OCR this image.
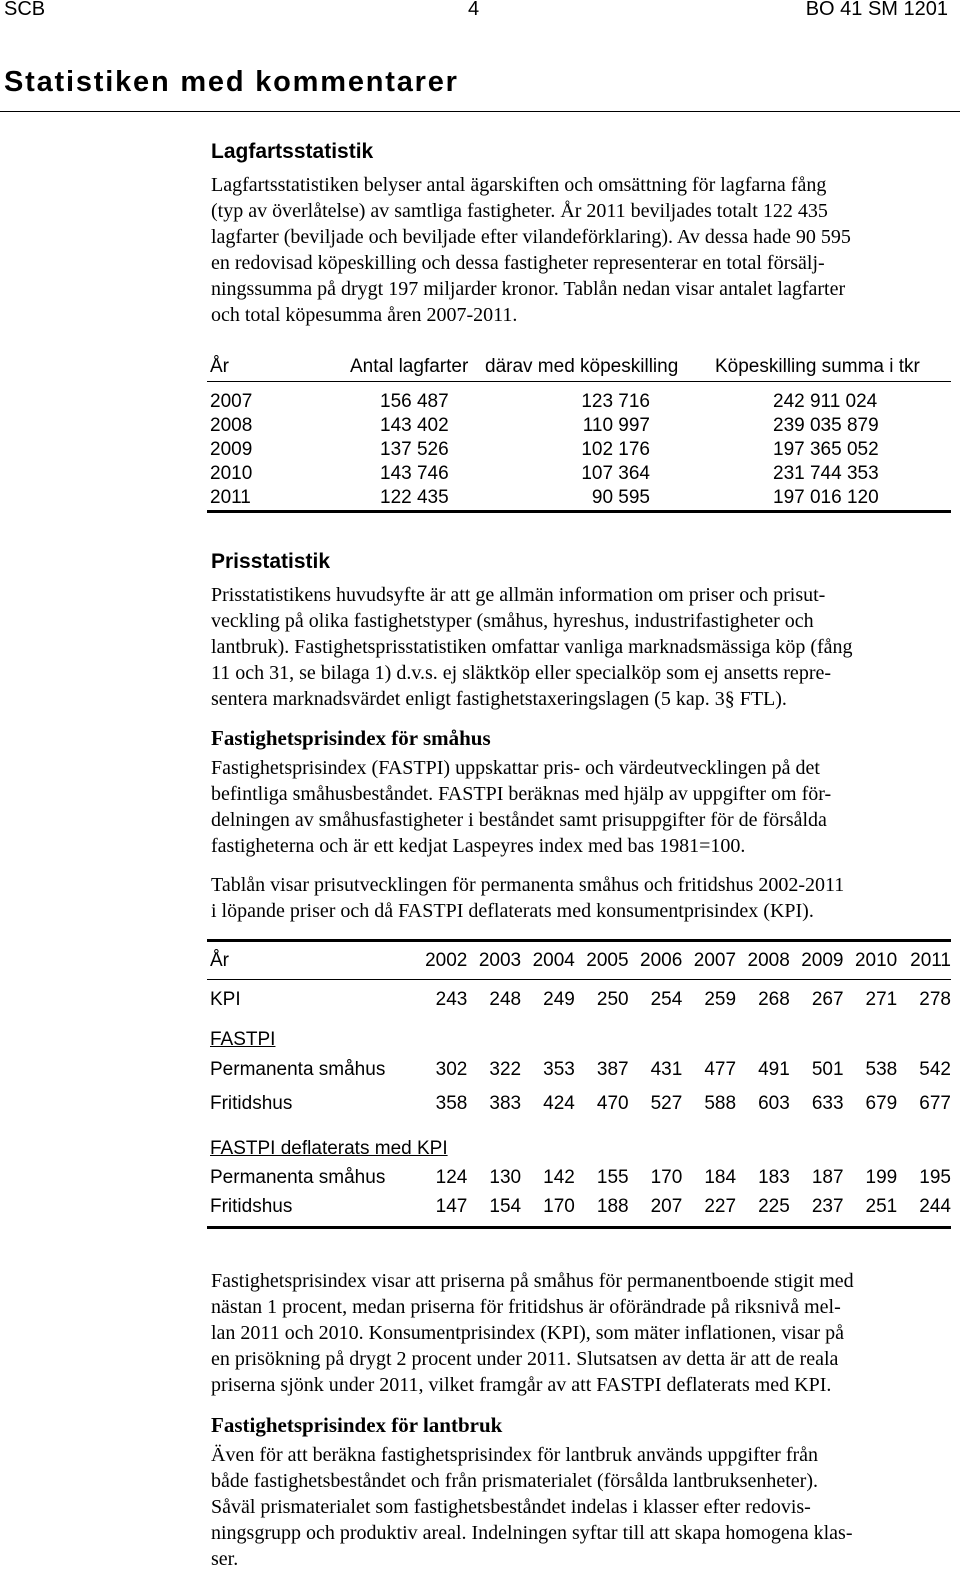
SCB	4	BO 41 SM 1201
Statistiken med kommentarer
Lagfartsstatistik

Lagfartsstatistiken belyser antal ägarskiften och omsättning för lagfarna fång
(typ av överlåtelse) av samtliga fastigheter. År 2011 beviljades totalt 122 435
lagfarter (beviljade och beviljade efter vilandeförklaring). Av dessa hade 90 595
en redovisad köpeskilling och dessa fastigheter representerar en total försälj-
ningssumma på drygt 197 miljarder kronor. Tablån nedan visar antalet lagfarter
och total köpesumma åren 2007-2011.

År	Antal lagfarter	därav med köpeskilling	Köpeskilling summa i tkr

2007	156 487	123 716	242 911 024
2008	143 402	110 997	239 035 879
2009	137 526	102 176	197 365 052
2010	143 746	107 364	231 744 353
2011	122 435	90 595	197 016 120
Prisstatistik

Prisstatistikens huvudsyfte är att ge allmän information om priser och prisut-
veckling på olika fastighetstyper (småhus, hyreshus, industrifastigheter och
lantbruk). Fastighetsprisstatistiken omfattar vanliga marknadsmässiga köp (fång
11 och 31, se bilaga 1) d.v.s. ej släktköp eller specialköp som ej ansetts repre-
sentera marknadsvärdet enligt fastighetstaxeringslagen (5 kap. 3§ FTL).

Fastighetsprisindex för småhus

Fastighetsprisindex (FASTPI) uppskattar pris- och värdeutvecklingen på det
befintliga småhusbeståndet. FASTPI beräknas med hjälp av uppgifter om för-
delningen av småhusfastigheter i beståndet samt prisuppgifter för de försålda
fastigheterna och är ett kedjat Laspeyres index med bas 1981=100.

Tablån visar prisutvecklingen för permanenta småhus och fritidshus 2002-2011
i löpande priser och då FASTPI deflaterats med konsumentprisindex (KPI).

År	2002	2003	2004	2005	2006	2007	2008	2009	2010	2011

KPI	243	248	249	250	254	259	268	267	271	278

FASTPI										
Permanenta småhus	302	322	353	387	431	477	491	501	538	542
Fritidshus	358	383	424	470	527	588	603	633	679	677

FASTPI deflaterats med KPI										
Permanenta småhus	124	130	142	155	170	184	183	187	199	195
Fritidshus	147	154	170	188	207	227	225	237	251	244

Fastighetsprisindex visar att priserna på småhus för permanentboende stigit med
nästan 1 procent, medan priserna för fritidshus är oförändrade på riksnivå mel-
lan 2011 och 2010. Konsumentprisindex (KPI), som mäter inflationen, visar på
en prisökning på drygt 2 procent under 2011. Slutsatsen av detta är att de reala
priserna sjönk under 2011, vilket framgår av att FASTPI deflaterats med KPI.

Fastighetsprisindex för lantbruk

Även för att beräkna fastighetsprisindex för lantbruk används uppgifter från
både fastighetsbeståndet och från prismaterialet (försålda lantbruksenheter).
Såväl prismaterialet som fastighetsbeståndet indelas i klasser efter redovis-
ningsgrupp och produktiv areal. Indelningen syftar till att skapa homogena klas-
ser.
